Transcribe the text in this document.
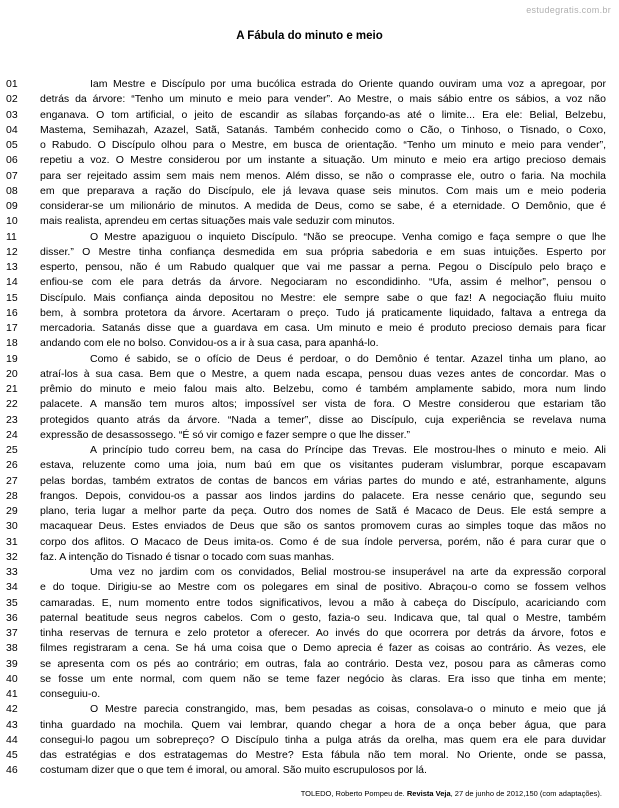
estudegratis.com.br
A Fábula do minuto e meio
01	Iam Mestre e Discípulo por uma bucólica estrada do Oriente quando ouviram uma voz a apregoar, por
02	detrás da árvore: “Tenho um minuto e meio para vender”. Ao Mestre, o mais sábio entre os sábios, a voz não
03	enganava. O tom artificial, o jeito de escandir as sílabas forçando-as até o limite... Era ele: Belial, Belzebu,
04	Mastema, Semihazah, Azazel, Satã, Satanás. Também conhecido como o Cão, o Tinhoso, o Tisnado, o Coxo,
05	o Rabudo. O Discípulo olhou para o Mestre, em busca de orientação. “Tenho um minuto e meio para vender”,
06	repetiu a voz. O Mestre considerou por um instante a situação. Um minuto e meio era artigo precioso demais
07	para ser rejeitado assim sem mais nem menos. Além disso, se não o comprasse ele, outro o faria. Na mochila
08	em que preparava a ração do Discípulo, ele já levava quase seis minutos. Com mais um e meio poderia
09	considerar-se um milionário de minutos. A medida de Deus, como se sabe, é a eternidade. O Demônio, que é
10	mais realista, aprendeu em certas situações mais vale seduzir com minutos.
11	O Mestre apaziguou o inquieto Discípulo. “Não se preocupe. Venha comigo e faça sempre o que lhe
12	disser.” O Mestre tinha confiança desmedida em sua própria sabedoria e em suas intuições. Esperto por
13	esperto, pensou, não é um Rabudo qualquer que vai me passar a perna. Pegou o Discípulo pelo braço e
14	enfiou-se com ele para detrás da árvore. Negociaram no escondidinho. “Ufa, assim é melhor”, pensou o
15	Discípulo. Mais confiança ainda depositou no Mestre: ele sempre sabe o que faz! A negociação fluiu muito
16	bem, à sombra protetora da árvore. Acertaram o preço. Tudo já praticamente liquidado, faltava a entrega da
17	mercadoria. Satanás disse que a guardava em casa. Um minuto e meio é produto precioso demais para ficar
18	andando com ele no bolso. Convidou-os a ir à sua casa, para apanhá-lo.
19	Como é sabido, se o ofício de Deus é perdoar, o do Demônio é tentar. Azazel tinha um plano, ao
20	atraí-los à sua casa. Bem que o Mestre, a quem nada escapa, pensou duas vezes antes de concordar. Mas o
21	prêmio do minuto e meio falou mais alto. Belzebu, como é também amplamente sabido, mora num lindo
22	palacete. A mansão tem muros altos; impossível ser vista de fora. O Mestre considerou que estariam tão
23	protegidos quanto atrás da árvore. “Nada a temer”, disse ao Discípulo, cuja experiência se revelava numa
24	expressão de desassossego. “É só vir comigo e fazer sempre o que lhe disser.”
25	A princípio tudo correu bem, na casa do Príncipe das Trevas. Ele mostrou-lhes o minuto e meio. Ali
26	estava, reluzente como uma joia, num baú em que os visitantes puderam vislumbrar, porque escapavam
27	pelas bordas, também extratos de contas de bancos em várias partes do mundo e até, estranhamente, alguns
28	frangos. Depois, convidou-os a passar aos lindos jardins do palacete. Era nesse cenário que, segundo seu
29	plano, teria lugar a melhor parte da peça. Outro dos nomes de Satã é Macaco de Deus. Ele está sempre a
30	macaquear Deus. Estes enviados de Deus que são os santos promovem curas ao simples toque das mãos no
31	corpo dos aflitos. O Macaco de Deus imita-os. Como é de sua índole perversa, porém, não é para curar que o
32	faz. A intenção do Tisnado é tisnar o tocado com suas manhas.
33	Uma vez no jardim com os convidados, Belial mostrou-se insuperável na arte da expressão corporal
34	e do toque. Dirigiu-se ao Mestre com os polegares em sinal de positivo. Abraçou-o como se fossem velhos
35	camaradas. E, num momento entre todos significativos, levou a mão à cabeça do Discípulo, acariciando com
36	paternal beatitude seus negros cabelos. Com o gesto, fazia-o seu. Indicava que, tal qual o Mestre, também
37	tinha reservas de ternura e zelo protetor a oferecer. Ao invés do que ocorrera por detrás da árvore, fotos e
38	filmes registraram a cena. Se há uma coisa que o Demo aprecia é fazer as coisas ao contrário. Às vezes, ele
39	se apresenta com os pés ao contrário; em outras, fala ao contrário. Desta vez, posou para as câmeras como
40	se fosse um ente normal, com quem não se teme fazer negócio às claras. Era isso que tinha em mente;
41	conseguiu-o.
42	O Mestre parecia constrangido, mas, bem pesadas as coisas, consolava-o o minuto e meio que já
43	tinha guardado na mochila. Quem vai lembrar, quando chegar a hora de a onça beber água, que para
44	consegui-lo pagou um sobrepreço? O Discípulo tinha a pulga atrás da orelha, mas quem era ele para duvidar
45	das estratégias e dos estratagemas do Mestre? Esta fábula não tem moral. No Oriente, onde se passa,
46	costumam dizer que o que tem é imoral, ou amoral. São muito escrupulosos por lá.
TOLEDO, Roberto Pompeu de. Revista Veja, 27 de junho de 2012,150 (com adaptações).
